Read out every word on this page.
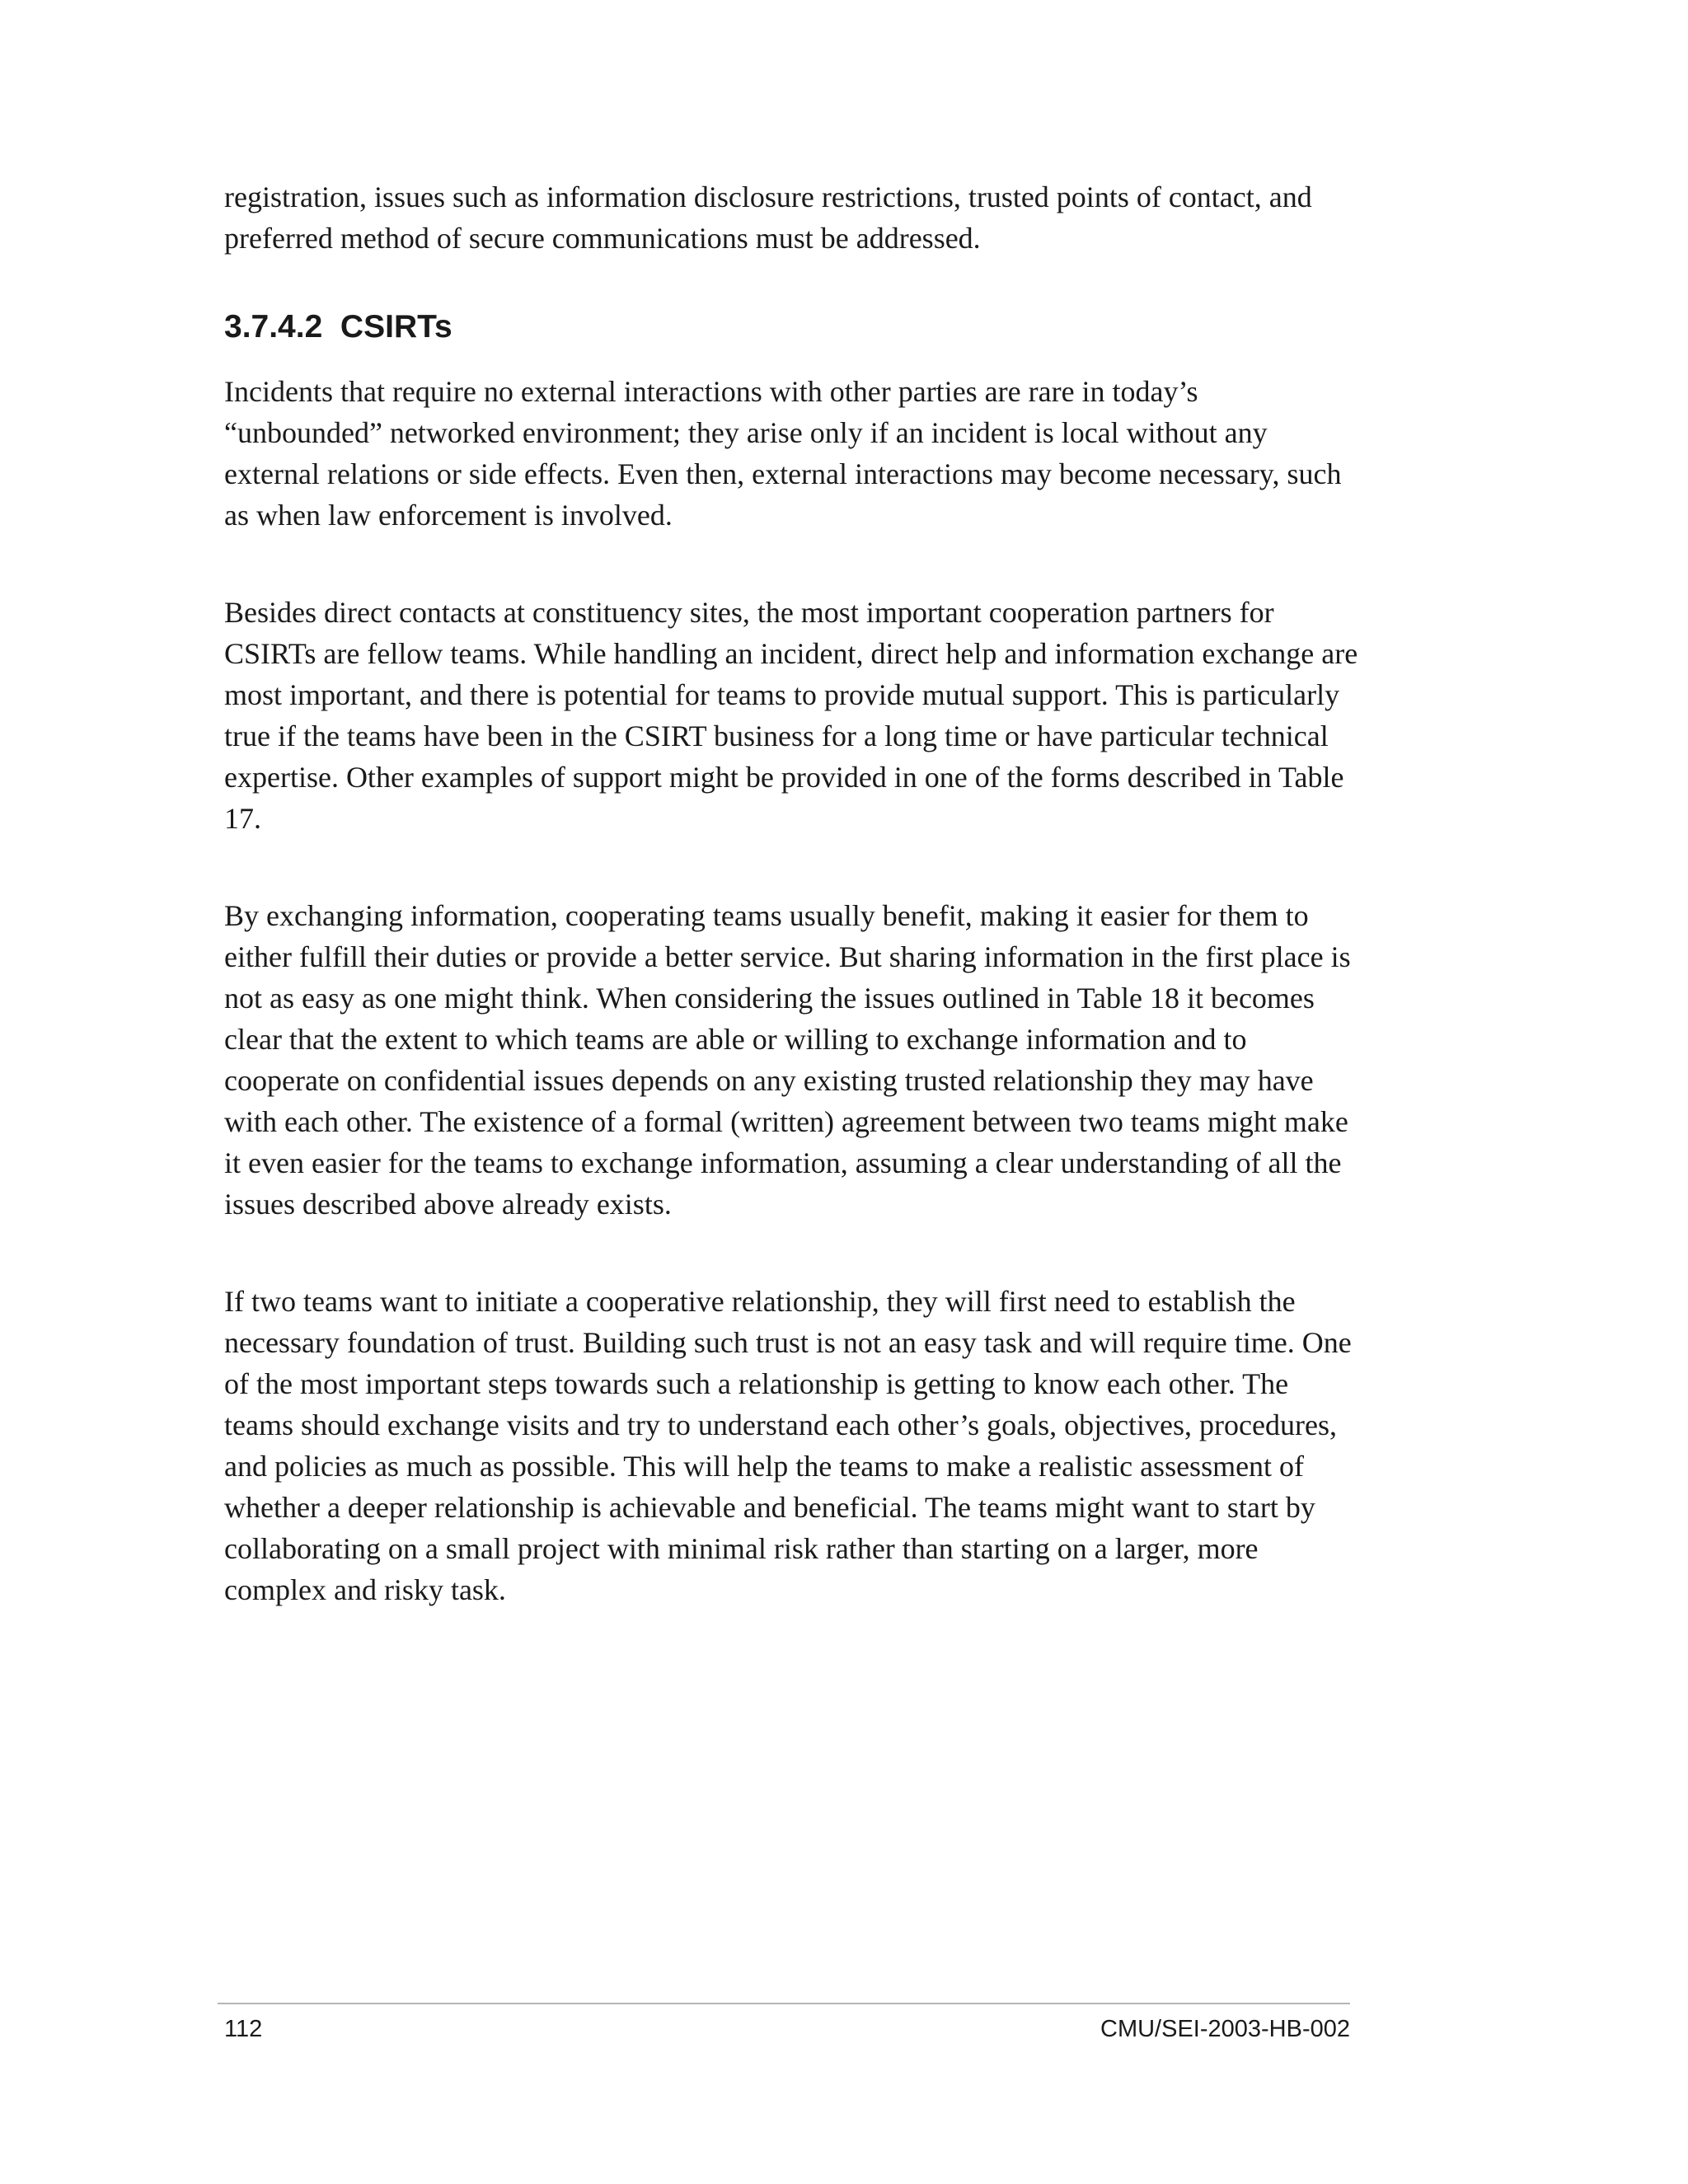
registration, issues such as information disclosure restrictions, trusted points of contact, and preferred method of secure communications must be addressed.

3.7.4.2  CSIRTs

Incidents that require no external interactions with other parties are rare in today’s “unbounded” networked environment; they arise only if an incident is local without any external relations or side effects. Even then, external interactions may become necessary, such as when law enforcement is involved.

Besides direct contacts at constituency sites, the most important cooperation partners for CSIRTs are fellow teams. While handling an incident, direct help and information exchange are most important, and there is potential for teams to provide mutual support. This is particularly true if the teams have been in the CSIRT business for a long time or have particular technical expertise. Other examples of support might be provided in one of the forms described in Table 17.

By exchanging information, cooperating teams usually benefit, making it easier for them to either fulfill their duties or provide a better service. But sharing information in the first place is not as easy as one might think. When considering the issues outlined in Table 18 it becomes clear that the extent to which teams are able or willing to exchange information and to cooperate on confidential issues depends on any existing trusted relationship they may have with each other. The existence of a formal (written) agreement between two teams might make it even easier for the teams to exchange information, assuming a clear understanding of all the issues described above already exists.

If two teams want to initiate a cooperative relationship, they will first need to establish the necessary foundation of trust. Building such trust is not an easy task and will require time. One of the most important steps towards such a relationship is getting to know each other. The teams should exchange visits and try to understand each other’s goals, objectives, procedures, and policies as much as possible. This will help the teams to make a realistic assessment of whether a deeper relationship is achievable and beneficial. The teams might want to start by collaborating on a small project with minimal risk rather than starting on a larger, more complex and risky task.

112	CMU/SEI-2003-HB-002
